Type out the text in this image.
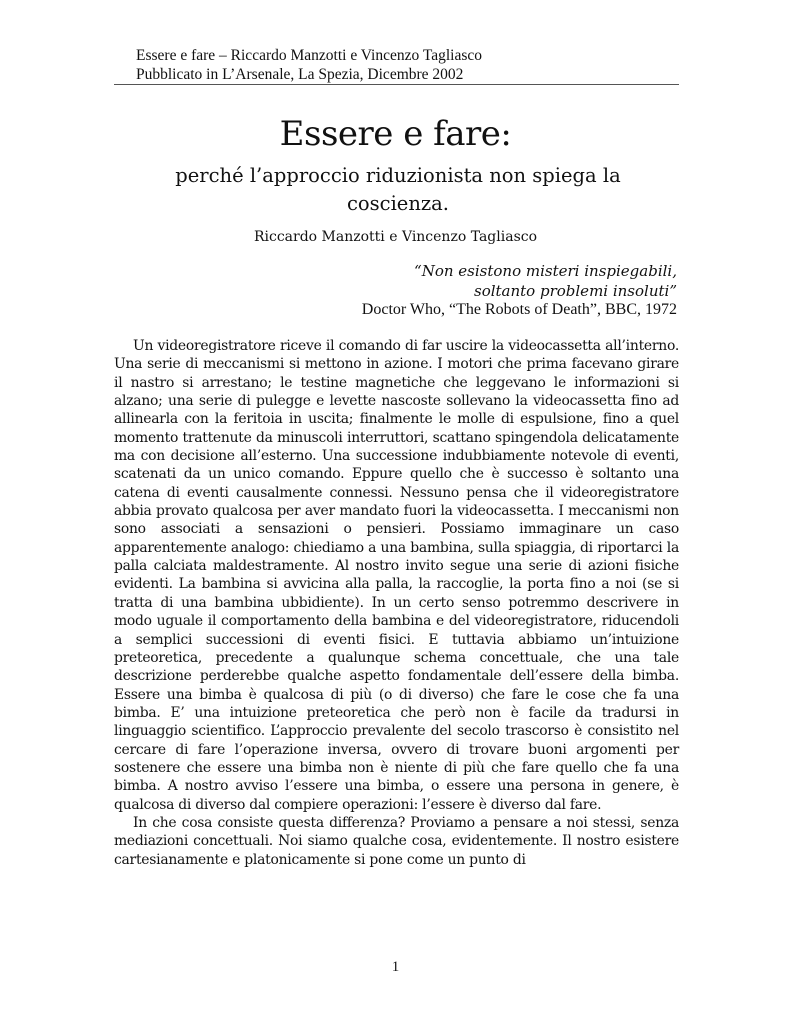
Essere e fare – Riccardo Manzotti e Vincenzo Tagliasco
Pubblicato in L’Arsenale, La Spezia, Dicembre 2002
Essere e fare:
perché l’approccio riduzionista non spiega la coscienza.
Riccardo Manzotti e Vincenzo Tagliasco
“Non esistono misteri inspiegabili,
soltanto problemi insoluti”
Doctor Who, “The Robots of Death”, BBC, 1972

Un videoregistratore riceve il comando di far uscire la videocassetta all’interno. Una serie di meccanismi si mettono in azione. I motori che prima facevano girare il nastro si arrestano; le testine magnetiche che leggevano le informazioni si alzano; una serie di pulegge e levette nascoste sollevano la videocassetta fino ad allinearla con la feritoia in uscita; finalmente le molle di espulsione, fino a quel momento trattenute da minuscoli interruttori, scattano spingendola delicatamente ma con decisione all’esterno. Una successione indubbiamente notevole di eventi, scatenati da un unico comando. Eppure quello che è successo è soltanto una catena di eventi causalmente connessi. Nessuno pensa che il videoregistratore abbia provato qualcosa per aver mandato fuori la videocassetta. I meccanismi non sono associati a sensazioni o pensieri. Possiamo immaginare un caso apparentemente analogo: chiediamo a una bambina, sulla spiaggia, di riportarci la palla calciata maldestramente. Al nostro invito segue una serie di azioni fisiche evidenti. La bambina si avvicina alla palla, la raccoglie, la porta fino a noi (se si tratta di una bambina ubbidiente). In un certo senso potremmo descrivere in modo uguale il comportamento della bambina e del videoregistratore, riducendoli a semplici successioni di eventi fisici. E tuttavia abbiamo un’intuizione preteoretica, precedente a qualunque schema concettuale, che una tale descrizione perderebbe qualche aspetto fondamentale dell’essere della bimba. Essere una bimba è qualcosa di più (o di diverso) che fare le cose che fa una bimba. E’ una intuizione preteoretica che però non è facile da tradursi in linguaggio scientifico. L’approccio prevalente del secolo trascorso è consistito nel cercare di fare l’operazione inversa, ovvero di trovare buoni argomenti per sostenere che essere una bimba non è niente di più che fare quello che fa una bimba. A nostro avviso l’essere una bimba, o essere una persona in genere, è qualcosa di diverso dal compiere operazioni: l’essere è diverso dal fare.

In che cosa consiste questa differenza? Proviamo a pensare a noi stessi, senza mediazioni concettuali. Noi siamo qualche cosa, evidentemente. Il nostro esistere cartesianamente e platonicamente si pone come un punto di

1
